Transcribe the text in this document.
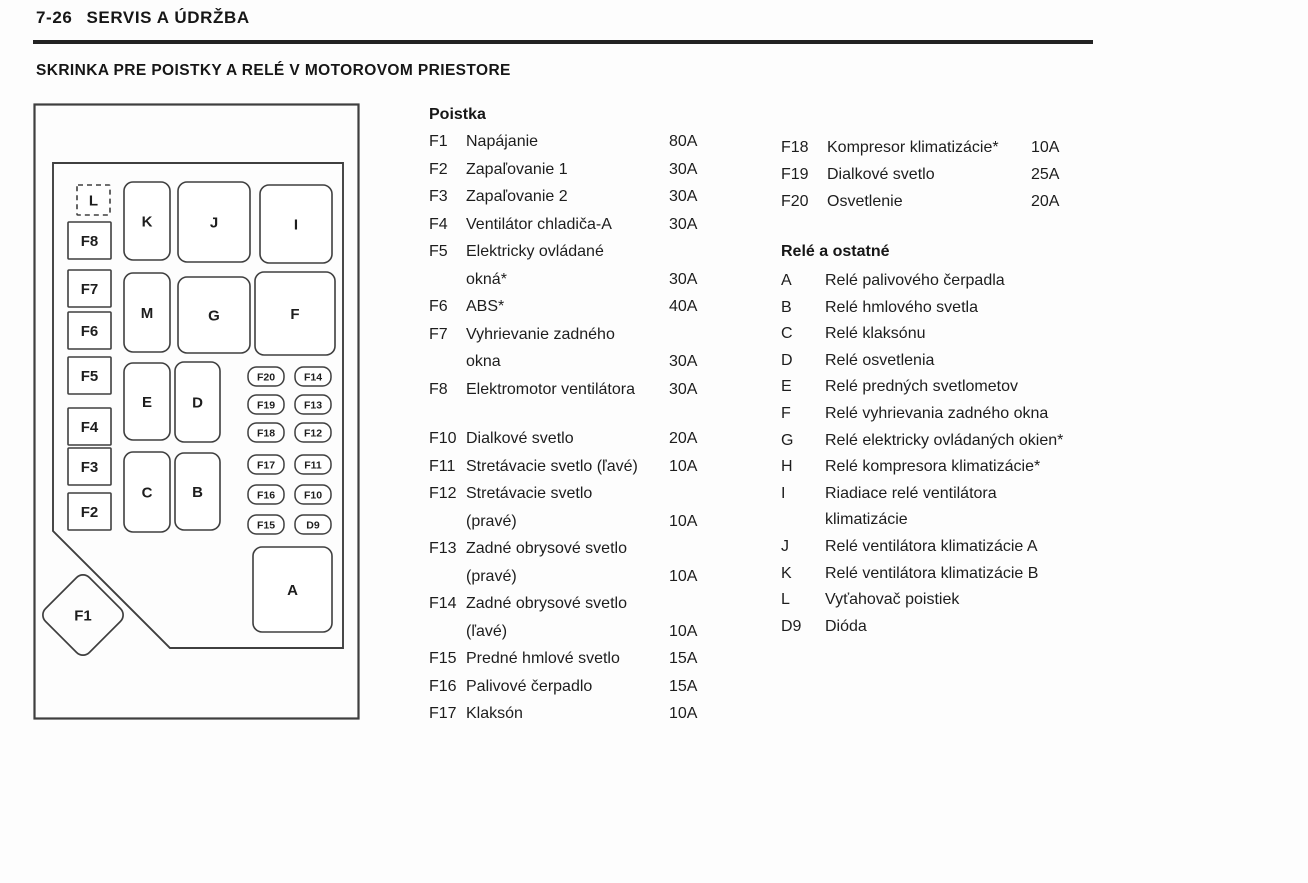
7-26 SERVIS A ÚDRŽBA
SKRINKA PRE POISTKY A RELÉ V MOTOROVOM PRIESTORE
L
K	J	I
F8
M	G	F
F7
F6
F5
E	D
F4
F3
C	B
F2
A
F20	F14
F19	F13
F18	F12
F17	F11
F16	F10
F15	D9
F1
Poistka
F1	Napájanie	80A
F2	Zapaľovanie 1	30A
F3	Zapaľovanie 2	30A
F4	Ventilátor chladiča-A	30A
F5	Elektricky ovládané
okná*	30A
F6	ABS*	40A
F7	Vyhrievanie zadného
okna	30A
F8	Elektromotor ventilátora	30A
F10 Dialkové svetlo	20A
F11 Stretávacie svetlo (ľavé)	10A
F12 Stretávacie svetlo
(pravé)	10A
F13 Zadné obrysové svetlo
(pravé)	10A
F14 Zadné obrysové svetlo
(ľavé)	10A
F15 Predné hmlové svetlo	15A
F16 Palivové čerpadlo	15A
F17 Klaksón	10A
F18	Kompresor klimatizácie*	10A
F19	Dialkové svetlo	25A
F20	Osvetlenie	20A
Relé a ostatné
A	Relé palivového čerpadla
B	Relé hmlového svetla
C	Relé klaksónu
D	Relé osvetlenia
E	Relé predných svetlometov
F	Relé vyhrievania zadného okna
G	Relé elektricky ovládaných okien*
H	Relé kompresora klimatizácie*
I	Riadiace relé ventilátora
klimatizácie
J	Relé ventilátora klimatizácie A
K	Relé ventilátora klimatizácie B
L	Vyťahovač poistiek
D9	Dióda
